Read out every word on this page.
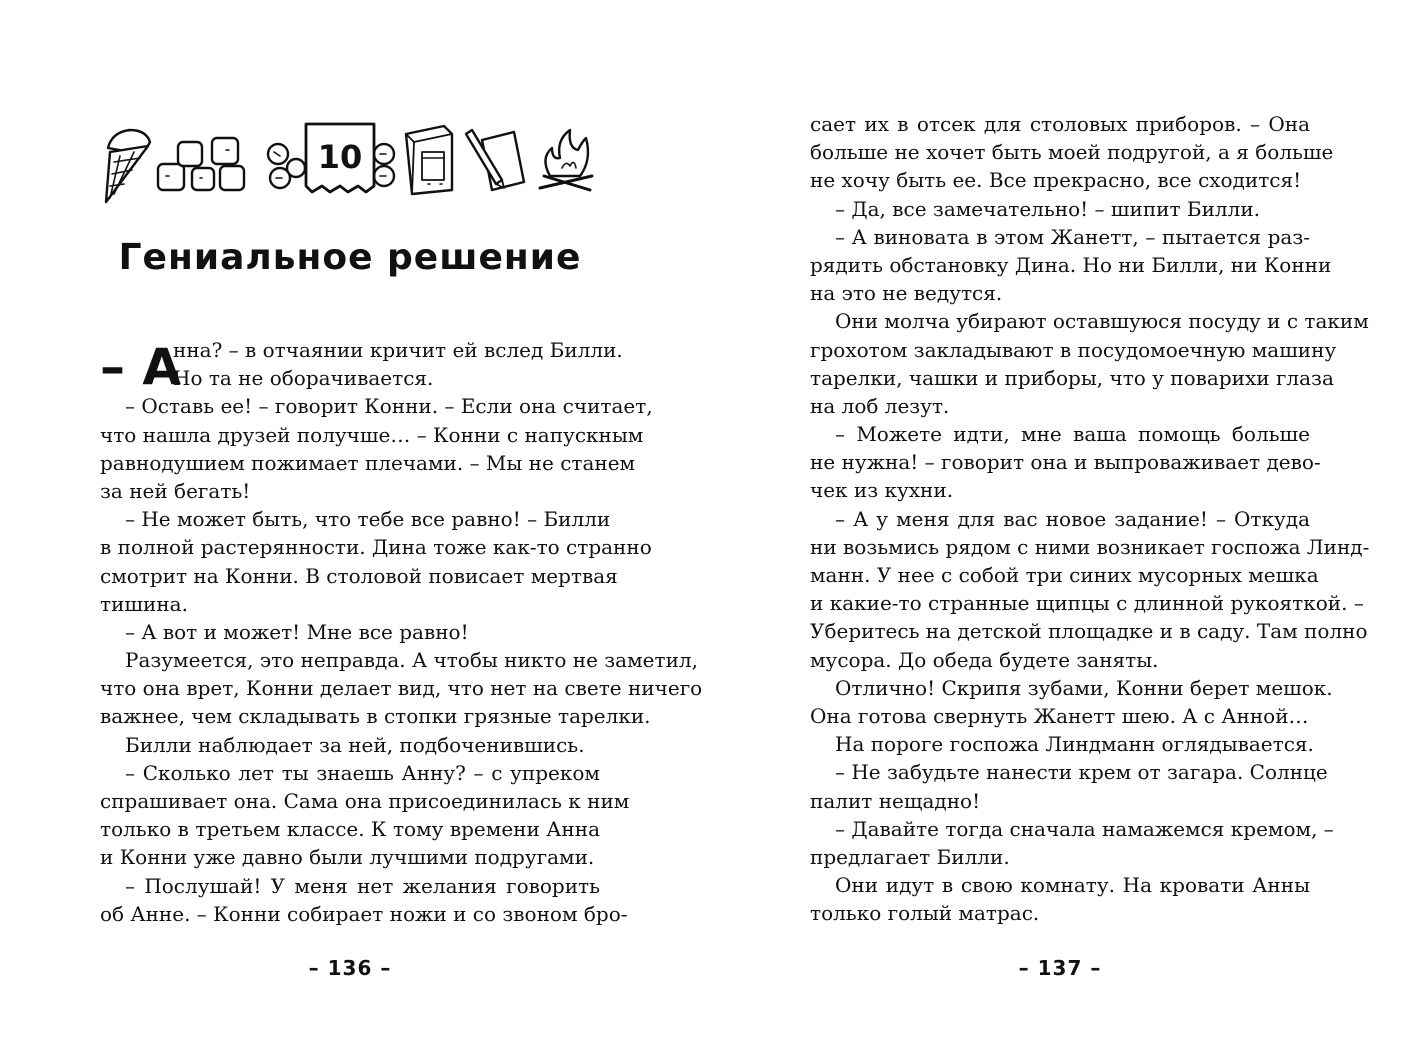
10
Гениальное решение
– А
нна? – в отчаянии кричит ей вслед Билли.
Но та не оборачивается.
– Оставь ее! – говорит Конни. – Если она считает,
что нашла друзей получше… – Конни с напускным
равнодушием пожимает плечами. – Мы не станем
за ней бегать!
– Не может быть, что тебе все равно! – Билли
в полной растерянности. Дина тоже как-то странно
смотрит на Конни. В столовой повисает мертвая
тишина.
– А вот и может! Мне все равно!
Разумеется, это неправда. А чтобы никто не заметил,
что она врет, Конни делает вид, что нет на свете ничего
важнее, чем складывать в стопки грязные тарелки.
Билли наблюдает за ней, подбоченившись.
– Сколько лет ты знаешь Анну? – с упреком
спрашивает она. Сама она присоединилась к ним
только в третьем классе. К тому времени Анна
и Конни уже давно были лучшими подругами.
– Послушай! У меня нет желания говорить
об Анне. – Конни собирает ножи и со звоном бро-
– 136 –
сает их в отсек для столовых приборов. – Она
больше не хочет быть моей подругой, а я больше
не хочу быть ее. Все прекрасно, все сходится!
– Да, все замечательно! – шипит Билли.
– А виновата в этом Жанетт, – пытается раз-
рядить обстановку Дина. Но ни Билли, ни Конни
на это не ведутся.
Они молча убирают оставшуюся посуду и с таким
грохотом закладывают в посудомоечную машину
тарелки, чашки и приборы, что у поварихи глаза
на лоб лезут.
– Можете идти, мне ваша помощь больше
не нужна! – говорит она и выпроваживает дево-
чек из кухни.
– А у меня для вас новое задание! – Откуда
ни возьмись рядом с ними возникает госпожа Линд-
манн. У нее с собой три синих мусорных мешка
и какие-то странные щипцы с длинной рукояткой. –
Уберитесь на детской площадке и в саду. Там полно
мусора. До обеда будете заняты.
Отлично! Скрипя зубами, Конни берет мешок.
Она готова свернуть Жанетт шею. А с Анной…
На пороге госпожа Линдманн оглядывается.
– Не забудьте нанести крем от загара. Солнце
палит нещадно!
– Давайте тогда сначала намажемся кремом, –
предлагает Билли.
Они идут в свою комнату. На кровати Анны
только голый матрас.
– 137 –
